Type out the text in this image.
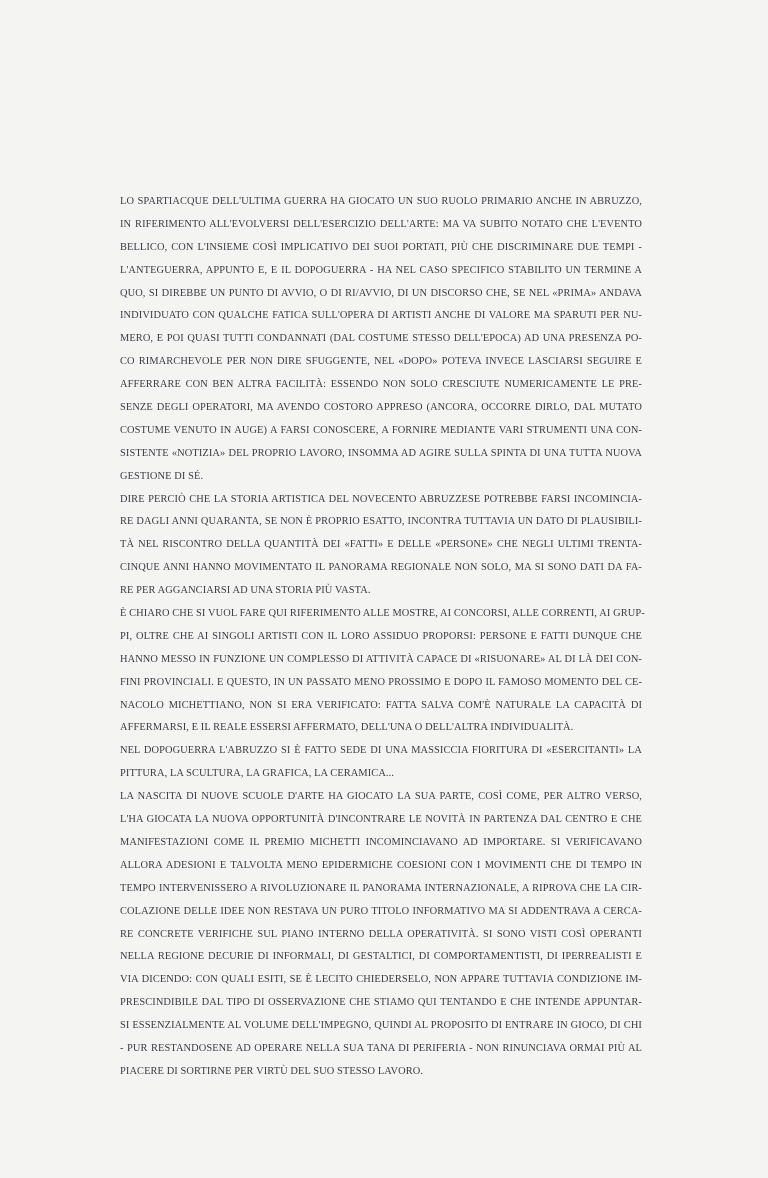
LO SPARTIACQUE DELL'ULTIMA GUERRA HA GIOCATO UN SUO RUOLO PRIMARIO ANCHE IN ABRUZZO,
IN RIFERIMENTO ALL'EVOLVERSI DELL'ESERCIZIO DELL'ARTE: MA VA SUBITO NOTATO CHE L'EVENTO
BELLICO, CON L'INSIEME COSÌ IMPLICATIVO DEI SUOI PORTATI, PIÙ CHE DISCRIMINARE DUE TEMPI -
L'ANTEGUERRA, APPUNTO E, E IL DOPOGUERRA - HA NEL CASO SPECIFICO STABILITO UN TERMINE A
QUO, SI DIREBBE UN PUNTO DI AVVIO, O DI RI/AVVIO, DI UN DISCORSO CHE, SE NEL «PRIMA» ANDAVA
INDIVIDUATO CON QUALCHE FATICA SULL'OPERA DI ARTISTI ANCHE DI VALORE MA SPARUTI PER NU-
MERO, E POI QUASI TUTTI CONDANNATI (DAL COSTUME STESSO DELL'EPOCA) AD UNA PRESENZA PO-
CO RIMARCHEVOLE PER NON DIRE SFUGGENTE, NEL «DOPO» POTEVA INVECE LASCIARSI SEGUIRE E
AFFERRARE CON BEN ALTRA FACILITÀ: ESSENDO NON SOLO CRESCIUTE NUMERICAMENTE LE PRE-
SENZE DEGLI OPERATORI, MA AVENDO COSTORO APPRESO (ANCORA, OCCORRE DIRLO, DAL MUTATO
COSTUME VENUTO IN AUGE) A FARSI CONOSCERE, A FORNIRE MEDIANTE VARI STRUMENTI UNA CON-
SISTENTE «NOTIZIA» DEL PROPRIO LAVORO, INSOMMA AD AGIRE SULLA SPINTA DI UNA TUTTA NUOVA
GESTIONE DI SÉ.
DIRE PERCIÒ CHE LA STORIA ARTISTICA DEL NOVECENTO ABRUZZESE POTREBBE FARSI INCOMINCIA-
RE DAGLI ANNI QUARANTA, SE NON È PROPRIO ESATTO, INCONTRA TUTTAVIA UN DATO DI PLAUSIBILI-
TÀ NEL RISCONTRO DELLA QUANTITÀ DEI «FATTI» E DELLE «PERSONE» CHE NEGLI ULTIMI TRENTA-
CINQUE ANNI HANNO MOVIMENTATO IL PANORAMA REGIONALE NON SOLO, MA SI SONO DATI DA FA-
RE PER AGGANCIARSI AD UNA STORIA PIÙ VASTA.
È CHIARO CHE SI VUOL FARE QUI RIFERIMENTO ALLE MOSTRE, AI CONCORSI, ALLE CORRENTI, AI GRUP-
PI, OLTRE CHE AI SINGOLI ARTISTI CON IL LORO ASSIDUO PROPORSI: PERSONE E FATTI DUNQUE CHE
HANNO MESSO IN FUNZIONE UN COMPLESSO DI ATTIVITÀ CAPACE DI «RISUONARE» AL DI LÀ DEI CON-
FINI PROVINCIALI. E QUESTO, IN UN PASSATO MENO PROSSIMO E DOPO IL FAMOSO MOMENTO DEL CE-
NACOLO MICHETTIANO, NON SI ERA VERIFICATO: FATTA SALVA COM'È NATURALE LA CAPACITÀ DI
AFFERMARSI, E IL REALE ESSERSI AFFERMATO, DELL'UNA O DELL'ALTRA INDIVIDUALITÀ.
NEL DOPOGUERRA L'ABRUZZO SI È FATTO SEDE DI UNA MASSICCIA FIORITURA DI «ESERCITANTI» LA
PITTURA, LA SCULTURA, LA GRAFICA, LA CERAMICA...
LA NASCITA DI NUOVE SCUOLE D'ARTE HA GIOCATO LA SUA PARTE, COSÌ COME, PER ALTRO VERSO,
L'HA GIOCATA LA NUOVA OPPORTUNITÀ D'INCONTRARE LE NOVITÀ IN PARTENZA DAL CENTRO E CHE
MANIFESTAZIONI COME IL PREMIO MICHETTI INCOMINCIAVANO AD IMPORTARE. SI VERIFICAVANO
ALLORA ADESIONI E TALVOLTA MENO EPIDERMICHE COESIONI CON I MOVIMENTI CHE DI TEMPO IN
TEMPO INTERVENISSERO A RIVOLUZIONARE IL PANORAMA INTERNAZIONALE, A RIPROVA CHE LA CIR-
COLAZIONE DELLE IDEE NON RESTAVA UN PURO TITOLO INFORMATIVO MA SI ADDENTRAVA A CERCA-
RE CONCRETE VERIFICHE SUL PIANO INTERNO DELLA OPERATIVITÀ. SI SONO VISTI COSÌ OPERANTI
NELLA REGIONE DECURIE DI INFORMALI, DI GESTALTICI, DI COMPORTAMENTISTI, DI IPERREALISTI E
VIA DICENDO: CON QUALI ESITI, SE È LECITO CHIEDERSELO, NON APPARE TUTTAVIA CONDIZIONE IM-
PRESCINDIBILE DAL TIPO DI OSSERVAZIONE CHE STIAMO QUI TENTANDO E CHE INTENDE APPUNTAR-
SI ESSENZIALMENTE AL VOLUME DELL'IMPEGNO, QUINDI AL PROPOSITO DI ENTRARE IN GIOCO, DI CHI
- PUR RESTANDOSENE AD OPERARE NELLA SUA TANA DI PERIFERIA - NON RINUNCIAVA ORMAI PIÙ AL
PIACERE DI SORTIRNE PER VIRTÙ DEL SUO STESSO LAVORO.
